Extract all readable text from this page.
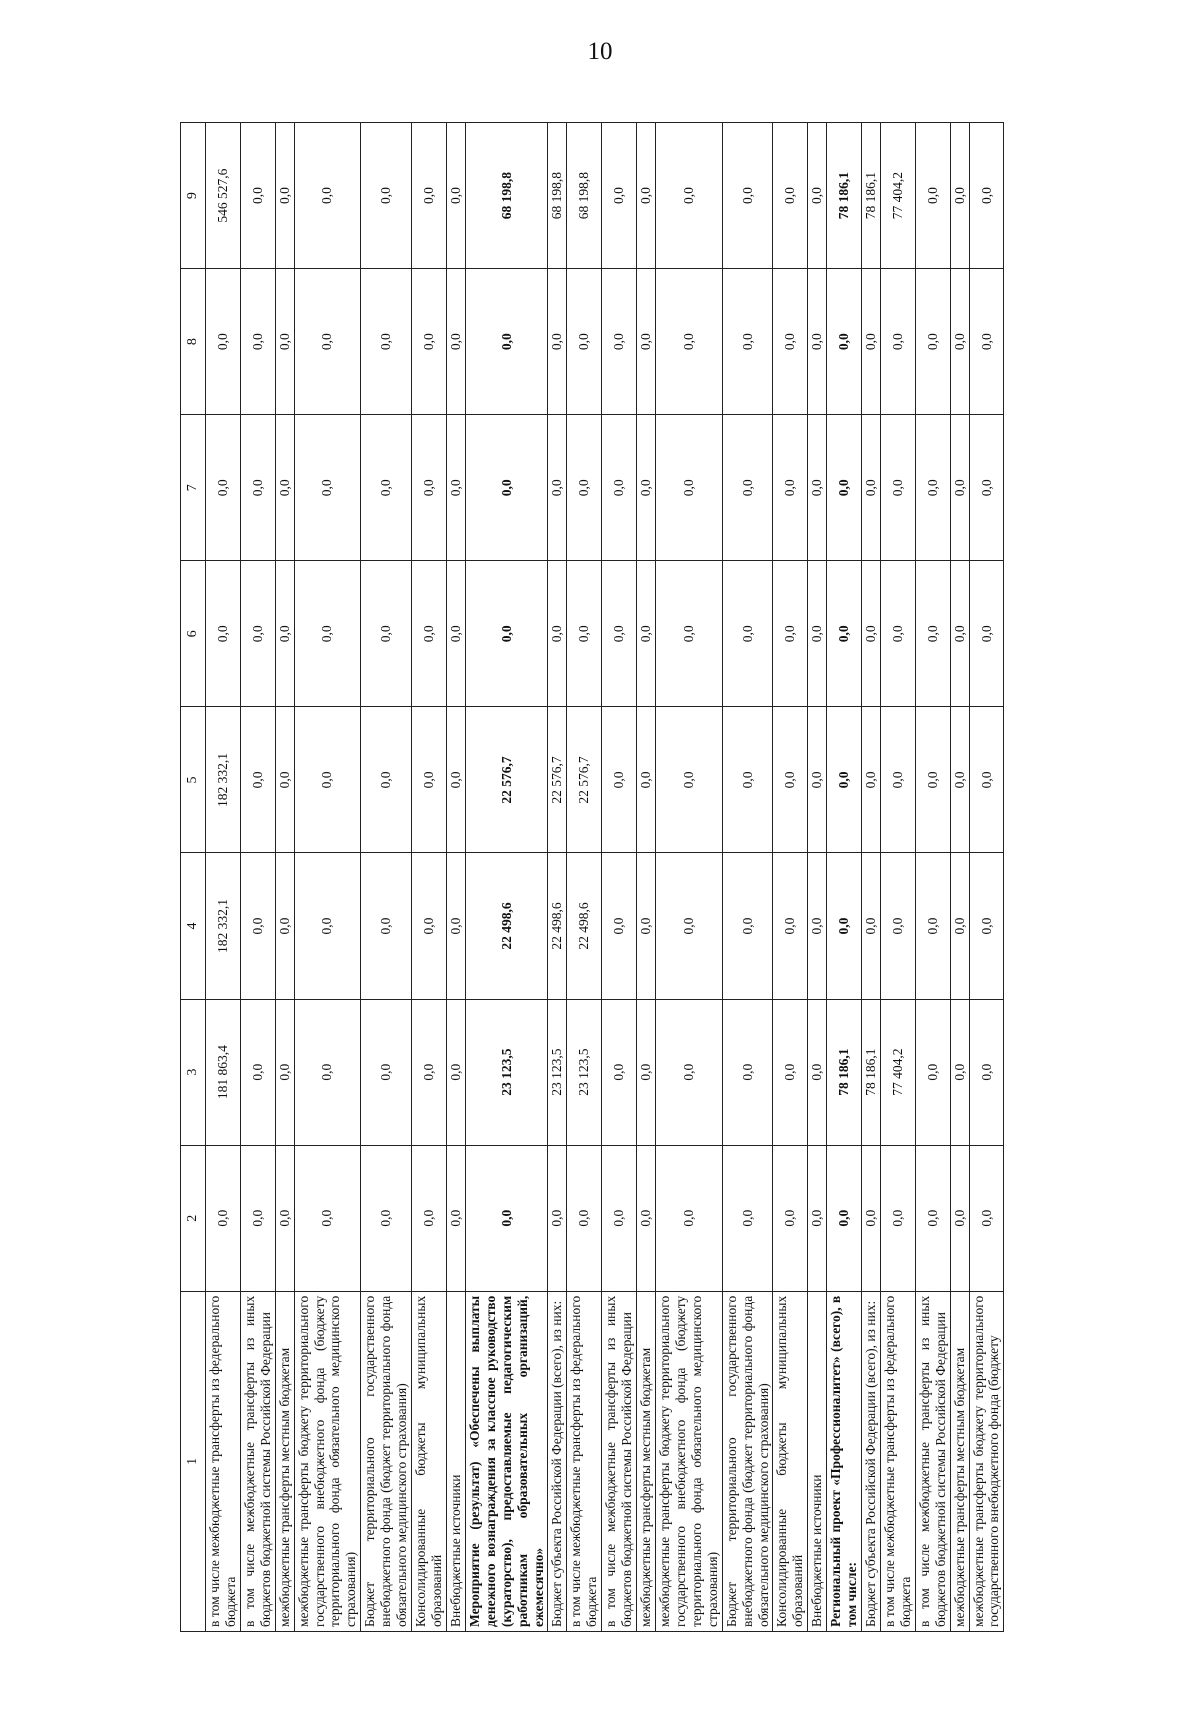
10
1	2	3	4	5	6	7	8	9
в том числе межбюджетные трансферты из федерального бюджета	0,0	181 863,4	182 332,1	182 332,1	0,0	0,0	0,0	546 527,6
в том числе межбюджетные трансферты из иных бюджетов бюджетной системы Российской Федерации	0,0	0,0	0,0	0,0	0,0	0,0	0,0	0,0
межбюджетные трансферты местным бюджетам	0,0	0,0	0,0	0,0	0,0	0,0	0,0	0,0
межбюджетные трансферты бюджету территориального государственного внебюджетного фонда (бюджету территориального фонда обязательного медицинского страхования)	0,0	0,0	0,0	0,0	0,0	0,0	0,0	0,0
Бюджет территориального государственного внебюджетного фонда (бюджет территориального фонда обязательного медицинского страхования)	0,0	0,0	0,0	0,0	0,0	0,0	0,0	0,0
Консолидированные бюджеты муниципальных образований	0,0	0,0	0,0	0,0	0,0	0,0	0,0	0,0
Внебюджетные источники	0,0	0,0	0,0	0,0	0,0	0,0	0,0	0,0
Мероприятие (результат) «Обеспечены выплаты денежного вознаграждения за классное руководство (кураторство), предоставляемые педагогическим работникам образовательных организаций, ежемесячно»	0,0	23 123,5	22 498,6	22 576,7	0,0	0,0	0,0	68 198,8
Бюджет субъекта Российской Федерации (всего), из них:	0,0	23 123,5	22 498,6	22 576,7	0,0	0,0	0,0	68 198,8
в том числе межбюджетные трансферты из федерального бюджета	0,0	23 123,5	22 498,6	22 576,7	0,0	0,0	0,0	68 198,8
в том числе межбюджетные трансферты из иных бюджетов бюджетной системы Российской Федерации	0,0	0,0	0,0	0,0	0,0	0,0	0,0	0,0
межбюджетные трансферты местным бюджетам	0,0	0,0	0,0	0,0	0,0	0,0	0,0	0,0
межбюджетные трансферты бюджету территориального государственного внебюджетного фонда (бюджету территориального фонда обязательного медицинского страхования)	0,0	0,0	0,0	0,0	0,0	0,0	0,0	0,0
Бюджет территориального государственного внебюджетного фонда (бюджет территориального фонда обязательного медицинского страхования)	0,0	0,0	0,0	0,0	0,0	0,0	0,0	0,0
Консолидированные бюджеты муниципальных образований	0,0	0,0	0,0	0,0	0,0	0,0	0,0	0,0
Внебюджетные источники	0,0	0,0	0,0	0,0	0,0	0,0	0,0	0,0
Региональный проект «Профессионалитет» (всего), в том числе:	0,0	78 186,1	0,0	0,0	0,0	0,0	0,0	78 186,1
Бюджет субъекта Российской Федерации (всего), из них:	0,0	78 186,1	0,0	0,0	0,0	0,0	0,0	78 186,1
в том числе межбюджетные трансферты из федерального бюджета	0,0	77 404,2	0,0	0,0	0,0	0,0	0,0	77 404,2
в том числе межбюджетные трансферты из иных бюджетов бюджетной системы Российской Федерации	0,0	0,0	0,0	0,0	0,0	0,0	0,0	0,0
межбюджетные трансферты местным бюджетам	0,0	0,0	0,0	0,0	0,0	0,0	0,0	0,0
межбюджетные трансферты бюджету территориального государственного внебюджетного фонда (бюджету	0,0	0,0	0,0	0,0	0,0	0,0	0,0	0,0
